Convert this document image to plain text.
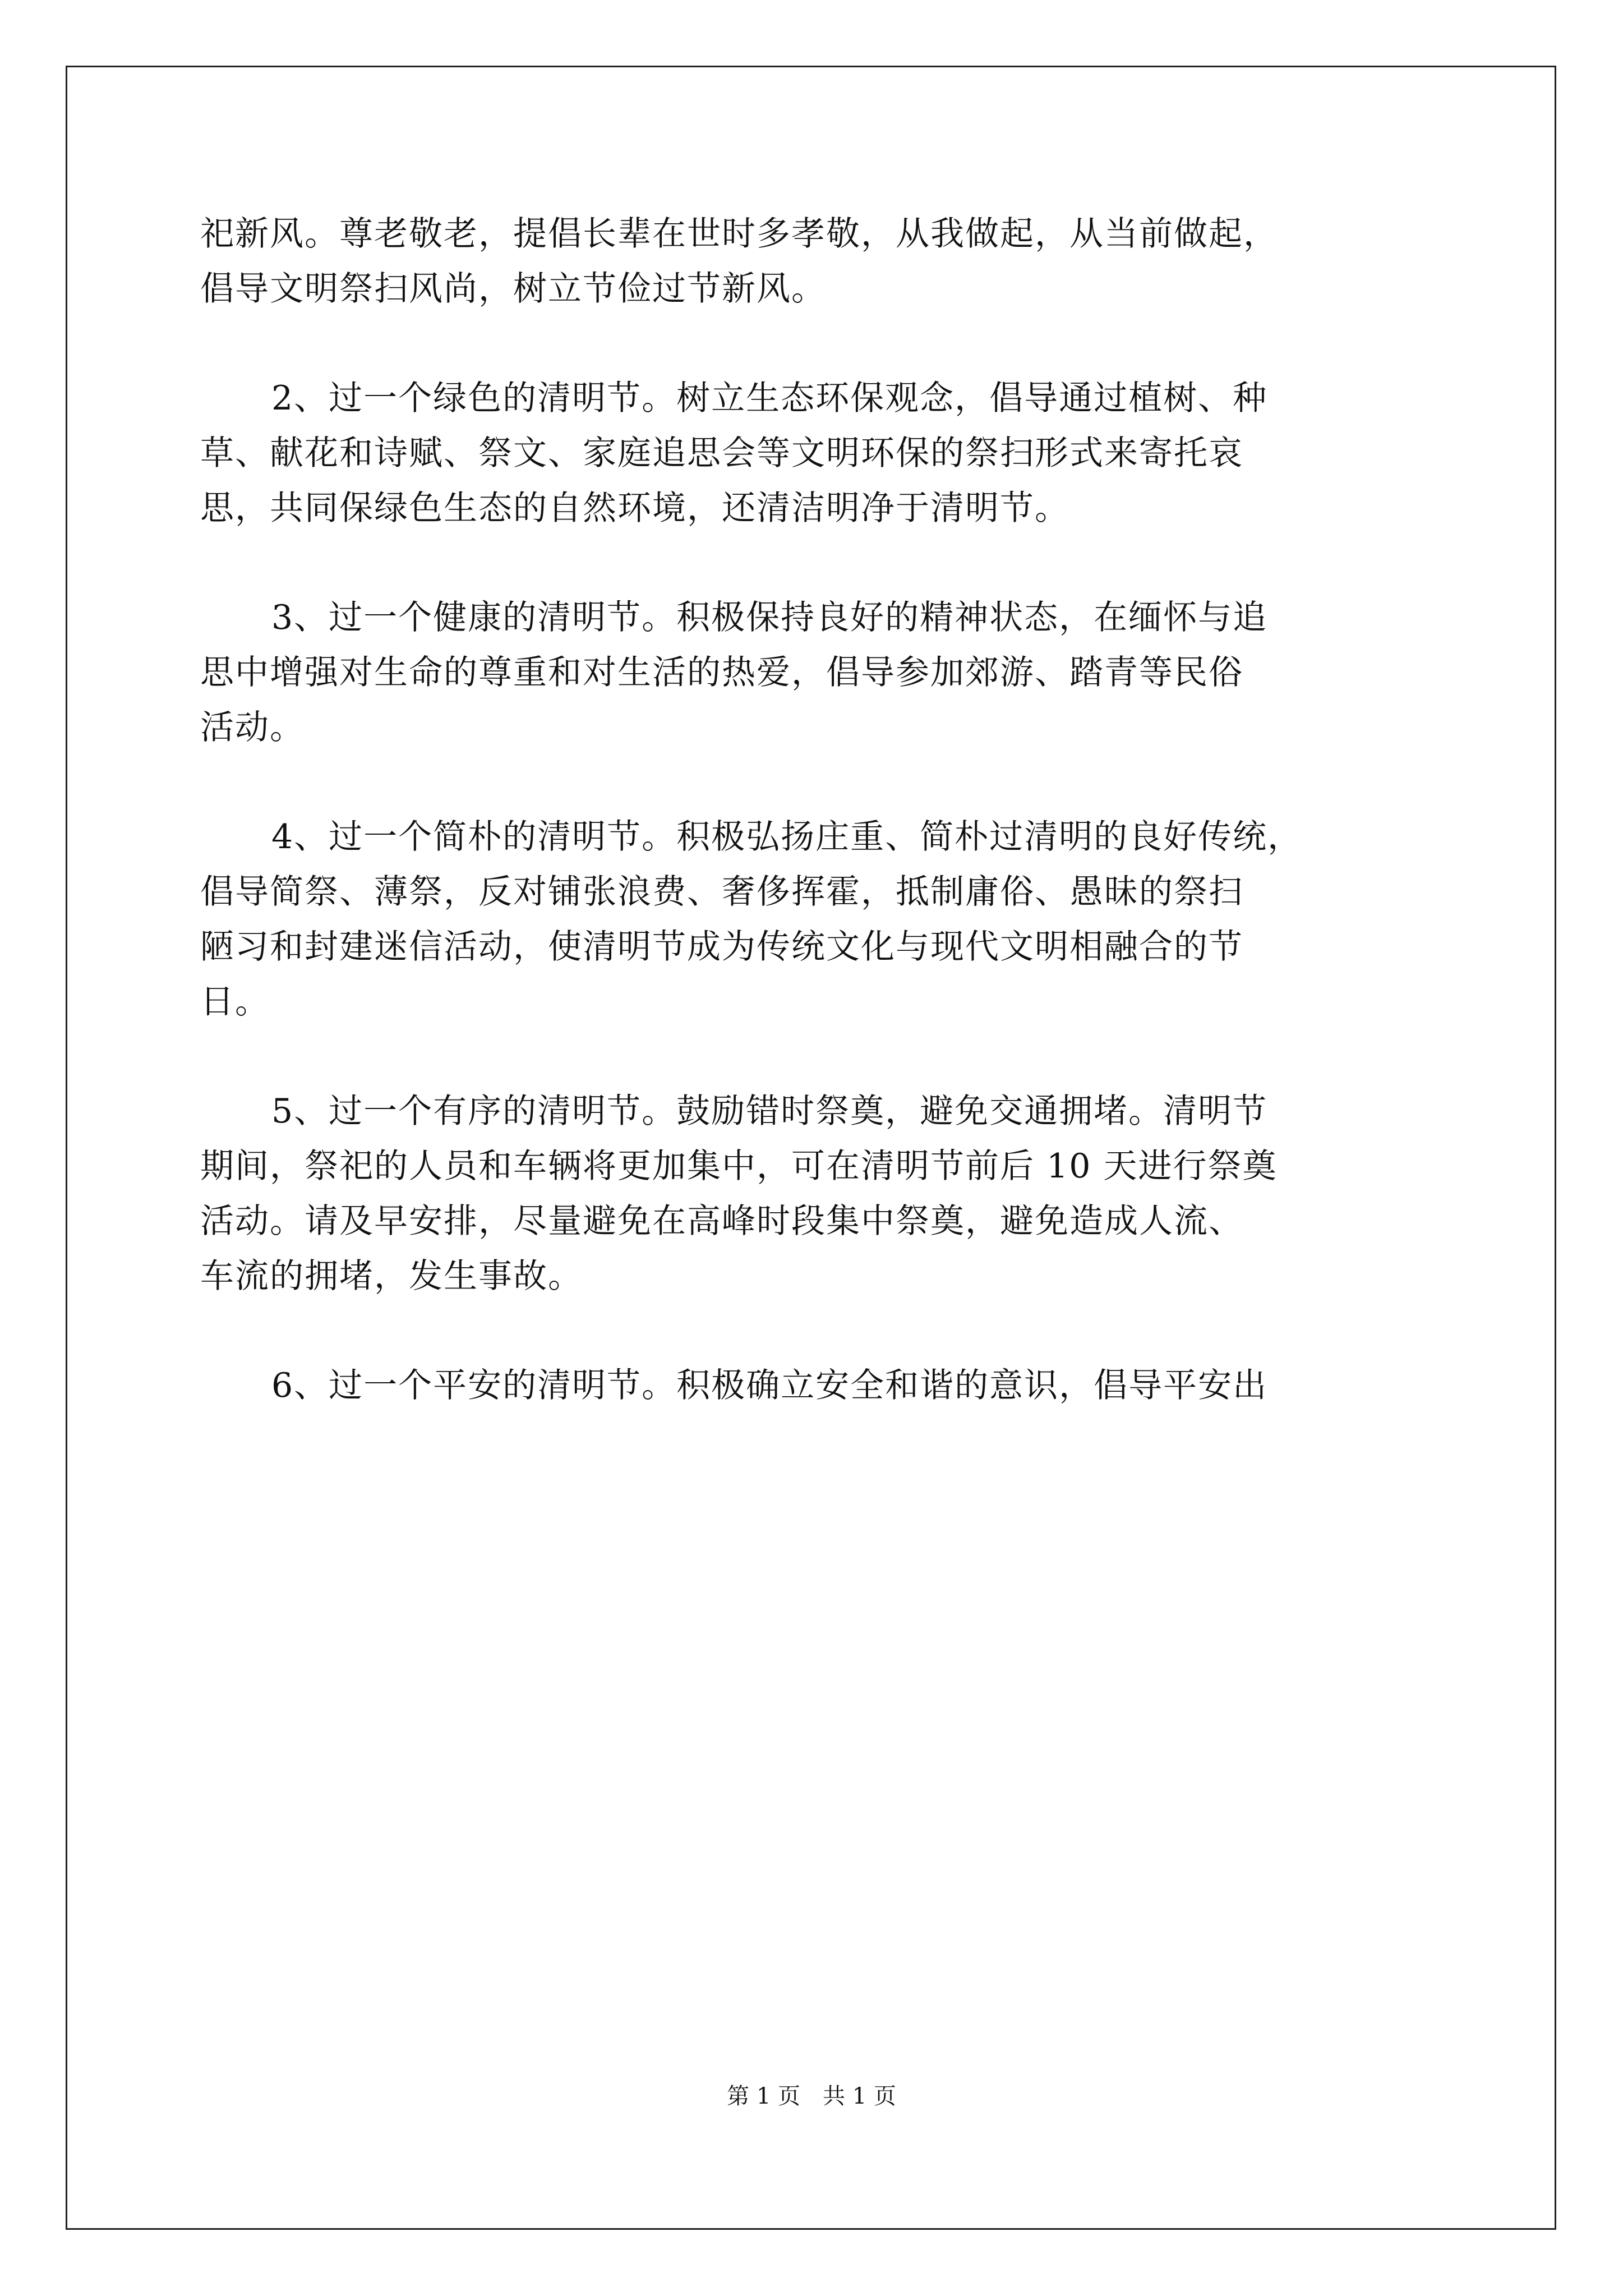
祀新风。尊老敬老，提倡长辈在世时多孝敬，从我做起，从当前做起，

倡导文明祭扫风尚，树立节俭过节新风。

2、过一个绿色的清明节。树立生态环保观念，倡导通过植树、种

草、献花和诗赋、祭文、家庭追思会等文明环保的祭扫形式来寄托哀

思，共同保绿色生态的自然环境，还清洁明净于清明节。

3、过一个健康的清明节。积极保持良好的精神状态，在缅怀与追

思中增强对生命的尊重和对生活的热爱，倡导参加郊游、踏青等民俗

活动。

4、过一个简朴的清明节。积极弘扬庄重、简朴过清明的良好传统，

倡导简祭、薄祭，反对铺张浪费、奢侈挥霍，抵制庸俗、愚昧的祭扫

陋习和封建迷信活动，使清明节成为传统文化与现代文明相融合的节

日。

5、过一个有序的清明节。鼓励错时祭奠，避免交通拥堵。清明节

期间，祭祀的人员和车辆将更加集中，可在清明节前后 10 天进行祭奠

活动。请及早安排，尽量避免在高峰时段集中祭奠，避免造成人流、

车流的拥堵，发生事故。

6、过一个平安的清明节。积极确立安全和谐的意识，倡导平安出

第 1 页　共 1 页
